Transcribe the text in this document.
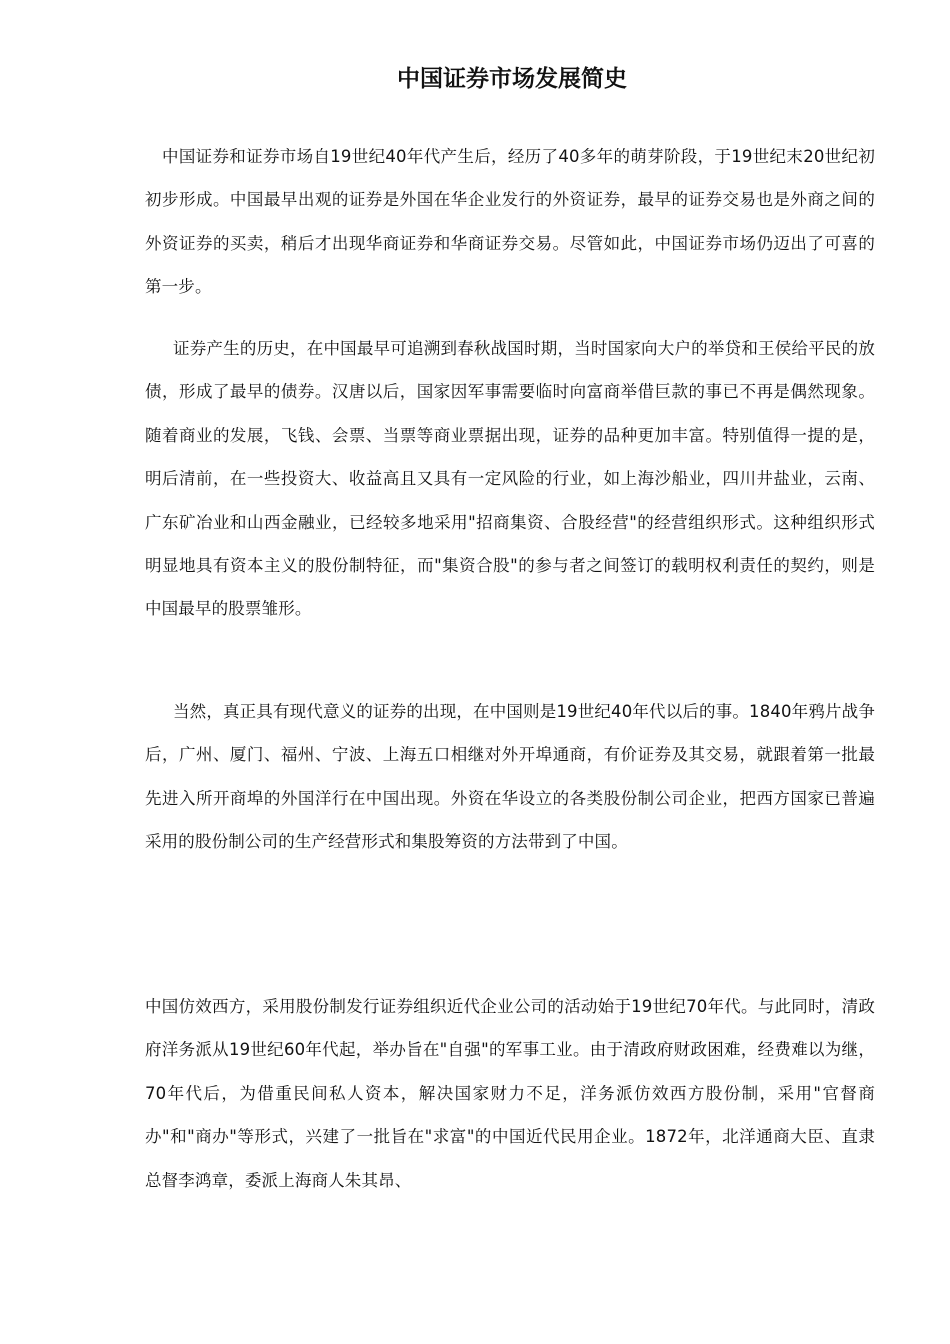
中国证券市场发展简史

中国证券和证券市场自19世纪40年代产生后，经历了40多年的萌芽阶段，于19世纪末20世纪初初步形成。中国最早出观的证券是外国在华企业发行的外资证券，最早的证券交易也是外商之间的外资证券的买卖，稍后才出现华商证券和华商证券交易。尽管如此，中国证券市场仍迈出了可喜的第一步。

证券产生的历史，在中国最早可追溯到春秋战国时期，当时国家向大户的举贷和王侯给平民的放债，形成了最早的债券。汉唐以后，国家因军事需要临时向富商举借巨款的事已不再是偶然现象。随着商业的发展，飞钱、会票、当票等商业票据出现，证券的品种更加丰富。特别值得一提的是，明后清前，在一些投资大、收益高且又具有一定风险的行业，如上海沙船业，四川井盐业，云南、广东矿冶业和山西金融业，已经较多地采用"招商集资、合股经营"的经营组织形式。这种组织形式明显地具有资本主义的股份制特征，而"集资合股"的参与者之间签订的载明权利责任的契约，则是中国最早的股票雏形。

当然，真正具有现代意义的证券的出现，在中国则是19世纪40年代以后的事。1840年鸦片战争后，广州、厦门、福州、宁波、上海五口相继对外开埠通商，有价证券及其交易，就跟着第一批最先进入所开商埠的外国洋行在中国出现。外资在华设立的各类股份制公司企业，把西方国家已普遍采用的股份制公司的生产经营形式和集股筹资的方法带到了中国。

中国仿效西方，采用股份制发行证券组织近代企业公司的活动始于19世纪70年代。与此同时，清政府洋务派从19世纪60年代起，举办旨在"自强"的军事工业。由于清政府财政困难，经费难以为继，70年代后，为借重民间私人资本，解决国家财力不足，洋务派仿效西方股份制，采用"官督商办"和"商办"等形式，兴建了一批旨在"求富"的中国近代民用企业。1872年，北洋通商大臣、直隶总督李鸿章，委派上海商人朱其昂、
